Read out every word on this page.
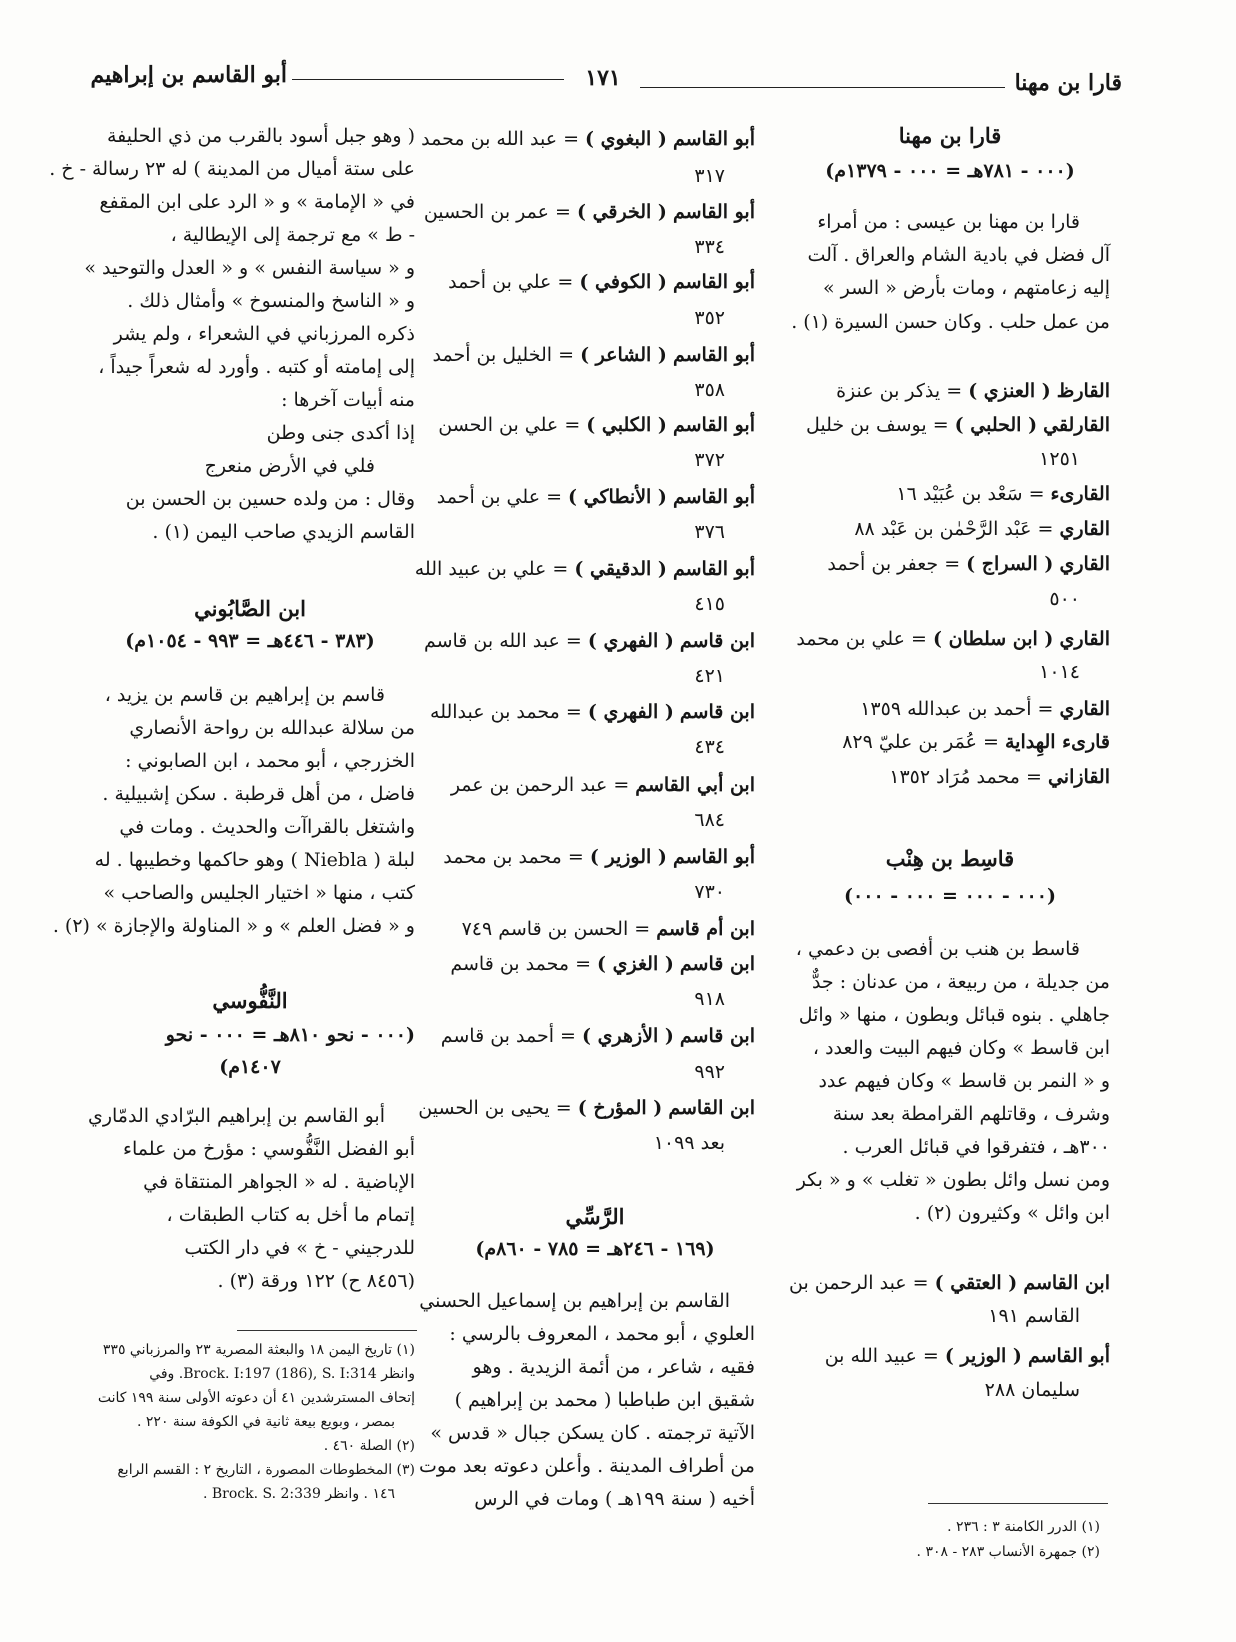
قارا بن مهنا
١٧١
أبو القاسم بن إبراهيم
قارا بن مهنا
(٠٠٠ - ٧٨١هـ = ٠٠٠ - ١٣٧٩م)
قارا بن مهنا بن عيسى : من أمراء
آل فضل في بادية الشام والعراق . آلت
إليه زعامتهم ، ومات بأرض « السر »
من عمل حلب . وكان حسن السيرة (١) .
القارظ ( العنزي ) = يذكر بن عنزة
القارلقي ( الحلبي ) = يوسف بن خليل
١٢٥١
القارىء = سَعْد بن عُبَيْد ١٦
القاري = عَبْد الرَّحْمٰن بن عَبْد ٨٨
القاري ( السراج ) = جعفر بن أحمد
٥٠٠
القاري ( ابن سلطان ) = علي بن محمد
١٠١٤
القاري = أحمد بن عبدالله ١٣٥٩
قارىء الهِداية = عُمَر بن عليّ ٨٢٩
القازاني = محمد مُرَاد ١٣٥٢
قاسِط بن هِنْب
(٠٠٠ - ٠٠٠ = ٠٠٠ - ٠٠٠)
قاسط بن هنب بن أفصى بن دعمي ،
من جديلة ، من ربيعة ، من عدنان : جدٌّ
جاهلي . بنوه قبائل وبطون ، منها « وائل
ابن قاسط » وكان فيهم البيت والعدد ،
و « النمر بن قاسط » وكان فيهم عدد
وشرف ، وقاتلهم القرامطة بعد سنة
٣٠٠هـ ، فتفرقوا في قبائل العرب .
ومن نسل وائل بطون « تغلب » و « بكر
ابن وائل » وكثيرون (٢) .
ابن القاسم ( العتقي ) = عبد الرحمن بن
القاسم ١٩١
أبو القاسم ( الوزير ) = عبيد الله بن
سليمان ٢٨٨
(١) الدرر الكامنة ٣ : ٢٣٦ .
(٢) جمهرة الأنساب ٢٨٣ - ٣٠٨ .
أبو القاسم ( البغوي ) = عبد الله بن محمد
٣١٧
أبو القاسم ( الخرقي ) = عمر بن الحسين
٣٣٤
أبو القاسم ( الكوفي ) = علي بن أحمد
٣٥٢
أبو القاسم ( الشاعر ) = الخليل بن أحمد
٣٥٨
أبو القاسم ( الكلبي ) = علي بن الحسن
٣٧٢
أبو القاسم ( الأنطاكي ) = علي بن أحمد
٣٧٦
أبو القاسم ( الدقيقي ) = علي بن عبيد الله
٤١٥
ابن قاسم ( الفهري ) = عبد الله بن قاسم
٤٢١
ابن قاسم ( الفهري ) = محمد بن عبدالله
٤٣٤
ابن أبي القاسم = عبد الرحمن بن عمر
٦٨٤
أبو القاسم ( الوزير ) = محمد بن محمد
٧٣٠
ابن أم قاسم = الحسن بن قاسم ٧٤٩
ابن قاسم ( الغزي ) = محمد بن قاسم
٩١٨
ابن قاسم ( الأزهري ) = أحمد بن قاسم
٩٩٢
ابن القاسم ( المؤرخ ) = يحيى بن الحسين
بعد ١٠٩٩
الرَّسِّي
(١٦٩ - ٢٤٦هـ = ٧٨٥ - ٨٦٠م)
القاسم بن إبراهيم بن إسماعيل الحسني
العلوي ، أبو محمد ، المعروف بالرسي :
فقيه ، شاعر ، من أئمة الزيدية . وهو
شقيق ابن طباطبا ( محمد بن إبراهيم )
الآتية ترجمته . كان يسكن جبال « قدس »
من أطراف المدينة . وأعلن دعوته بعد موت
أخيه ( سنة ١٩٩هـ ) ومات في الرس
( وهو جبل أسود بالقرب من ذي الحليفة
على ستة أميال من المدينة ) له ٢٣ رسالة - خ .
في « الإمامة » و « الرد على ابن المقفع
- ط » مع ترجمة إلى الإيطالية ،
و « سياسة النفس » و « العدل والتوحيد »
و « الناسخ والمنسوخ » وأمثال ذلك .
ذكره المرزباني في الشعراء ، ولم يشر
إلى إمامته أو كتبه . وأورد له شعراً جيداً ،
منه أبيات آخرها :
إذا أكدى جنى وطن
فلي في الأرض منعرج
وقال : من ولده حسين بن الحسن بن
القاسم الزيدي صاحب اليمن (١) .
ابن الصَّابُوني
(٣٨٣ - ٤٤٦هـ = ٩٩٣ - ١٠٥٤م)
قاسم بن إبراهيم بن قاسم بن يزيد ،
من سلالة عبدالله بن رواحة الأنصاري
الخزرجي ، أبو محمد ، ابن الصابوني :
فاضل ، من أهل قرطبة . سكن إشبيلية .
واشتغل بالقراآت والحديث . ومات في
لبلة ( Niebla ) وهو حاكمها وخطيبها . له
كتب ، منها « اختيار الجليس والصاحب »
و « فضل العلم » و « المناولة والإجازة » (٢) .
النَّفُّوسي
(٠٠٠ - نحو ٨١٠هـ = ٠٠٠ - نحو
١٤٠٧م)
أبو القاسم بن إبراهيم البرّادي الدمّاري
أبو الفضل النَّفُّوسي : مؤرخ من علماء
الإباضية . له « الجواهر المنتقاة في
إتمام ما أخل به كتاب الطبقات ،
للدرجيني - خ » في دار الكتب
(٨٤٥٦ ح) ١٢٢ ورقة (٣) .
(١) تاريخ اليمن ١٨ والبعثة المصرية ٢٣ والمرزباني ٣٣٥
وانظر Brock. I:197 (186), S. I:314. وفي
إتحاف المسترشدين ٤١ أن دعوته الأولى سنة ١٩٩ كانت
بمصر ، وبويع بيعة ثانية في الكوفة سنة ٢٢٠ .
(٢) الصلة ٤٦٠ .
(٣) المخطوطات المصورة ، التاريخ ٢ : القسم الرابع
١٤٦ . وانظر Brock. S. 2:339 .
